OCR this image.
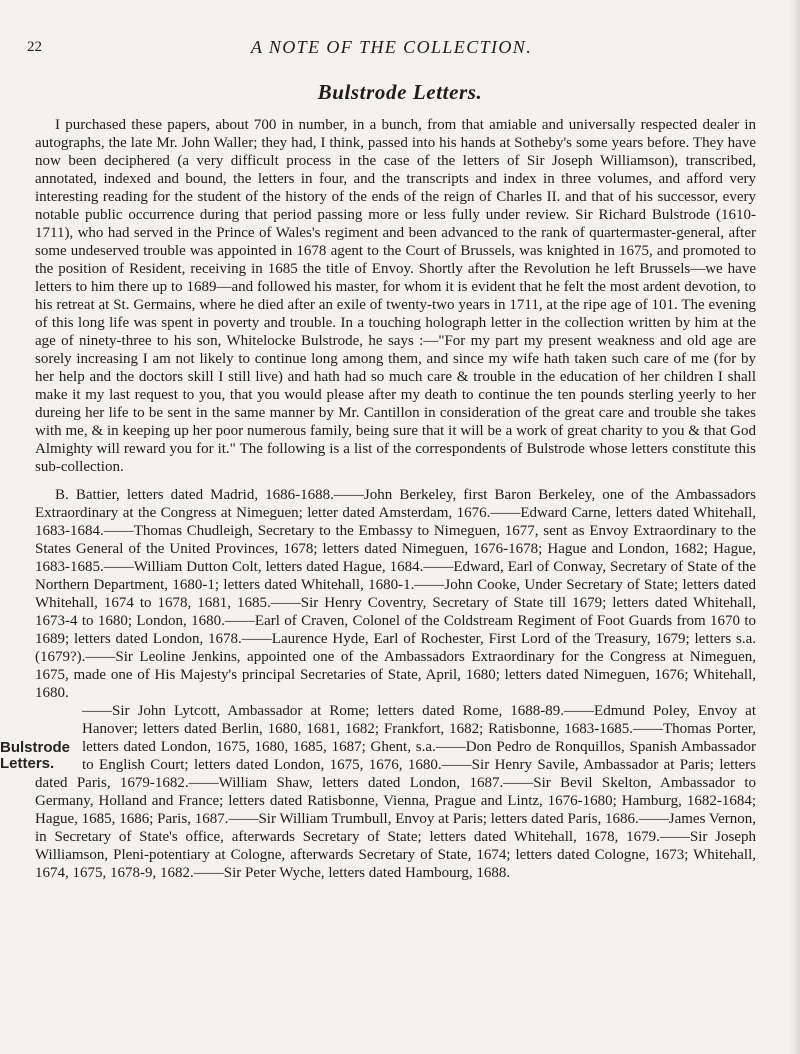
22	A NOTE OF THE COLLECTION.
Bulstrode Letters.

I purchased these papers, about 700 in number, in a bunch, from that amiable and universally respected dealer in autographs, the late Mr. John Waller; they had, I think, passed into his hands at Sotheby's some years before. They have now been deciphered (a very difficult process in the case of the letters of Sir Joseph Williamson), transcribed, annotated, indexed and bound, the letters in four, and the transcripts and index in three volumes, and afford very interesting reading for the student of the history of the ends of the reign of Charles II. and that of his successor, every notable public occurrence during that period passing more or less fully under review. Sir Richard Bulstrode (1610-1711), who had served in the Prince of Wales's regiment and been advanced to the rank of quartermaster-general, after some undeserved trouble was appointed in 1678 agent to the Court of Brussels, was knighted in 1675, and promoted to the position of Resident, receiving in 1685 the title of Envoy. Shortly after the Revolution he left Brussels—we have letters to him there up to 1689—and followed his master, for whom it is evident that he felt the most ardent devotion, to his retreat at St. Germains, where he died after an exile of twenty-two years in 1711, at the ripe age of 101. The evening of this long life was spent in poverty and trouble. In a touching holograph letter in the collection written by him at the age of ninety-three to his son, Whitelocke Bulstrode, he says :—"For my part my present weakness and old age are sorely increasing I am not likely to continue long among them, and since my wife hath taken such care of me (for by her help and the doctors skill I still live) and hath had so much care & trouble in the education of her children I shall make it my last request to you, that you would please after my death to continue the ten pounds sterling yeerly to her dureing her life to be sent in the same manner by Mr. Cantillon in consideration of the great care and trouble she takes with me, & in keeping up her poor numerous family, being sure that it will be a work of great charity to you & that God Almighty will reward you for it." The following is a list of the correspondents of Bulstrode whose letters constitute this sub-collection.

B. Battier, letters dated Madrid, 1686-1688.——John Berkeley, first Baron Berkeley, one of the Ambassadors Extraordinary at the Congress at Nimeguen; letter dated Amsterdam, 1676.——Edward Carne, letters dated Whitehall, 1683-1684.——Thomas Chudleigh, Secretary to the Embassy to Nimeguen, 1677, sent as Envoy Extraordinary to the States General of the United Provinces, 1678; letters dated Nimeguen, 1676-1678; Hague and London, 1682; Hague, 1683-1685.——William Dutton Colt, letters dated Hague, 1684.——Edward, Earl of Conway, Secretary of State of the Northern Department, 1680-1; letters dated Whitehall, 1680-1.——John Cooke, Under Secretary of State; letters dated Whitehall, 1674 to 1678, 1681, 1685.——Sir Henry Coventry, Secretary of State till 1679; letters dated Whitehall, 1673-4 to 1680; London, 1680.——Earl of Craven, Colonel of the Coldstream Regiment of Foot Guards from 1670 to 1689; letters dated London, 1678.——Laurence Hyde, Earl of Rochester, First Lord of the Treasury, 1679; letters s.a. (1679?).——Sir Leoline Jenkins, appointed one of the Ambassadors Extraordinary for the Congress at Nimeguen, 1675, made one of His Majesty's principal Secretaries of State, April, 1680; letters dated Nimeguen, 1676; Whitehall, 1680.

Bulstrode Letters.

——Sir John Lytcott, Ambassador at Rome; letters dated Rome, 1688-89.——Edmund Poley, Envoy at Hanover; letters dated Berlin, 1680, 1681, 1682; Frankfort, 1682; Ratisbonne, 1683-1685.——Thomas Porter, letters dated London, 1675, 1680, 1685, 1687; Ghent, s.a.——Don Pedro de Ronquillos, Spanish Ambassador to English Court; letters dated London, 1675, 1676, 1680.——Sir Henry Savile, Ambassador at Paris; letters dated Paris, 1679-1682.——William Shaw, letters dated London, 1687.——Sir Bevil Skelton, Ambassador to Germany, Holland and France; letters dated Ratisbonne, Vienna, Prague and Lintz, 1676-1680; Hamburg, 1682-1684; Hague, 1685, 1686; Paris, 1687.——Sir William Trumbull, Envoy at Paris; letters dated Paris, 1686.——James Vernon, in Secretary of State's office, afterwards Secretary of State; letters dated Whitehall, 1678, 1679.——Sir Joseph Williamson, Pleni-potentiary at Cologne, afterwards Secretary of State, 1674; letters dated Cologne, 1673; Whitehall, 1674, 1675, 1678-9, 1682.——Sir Peter Wyche, letters dated Hambourg, 1688.
